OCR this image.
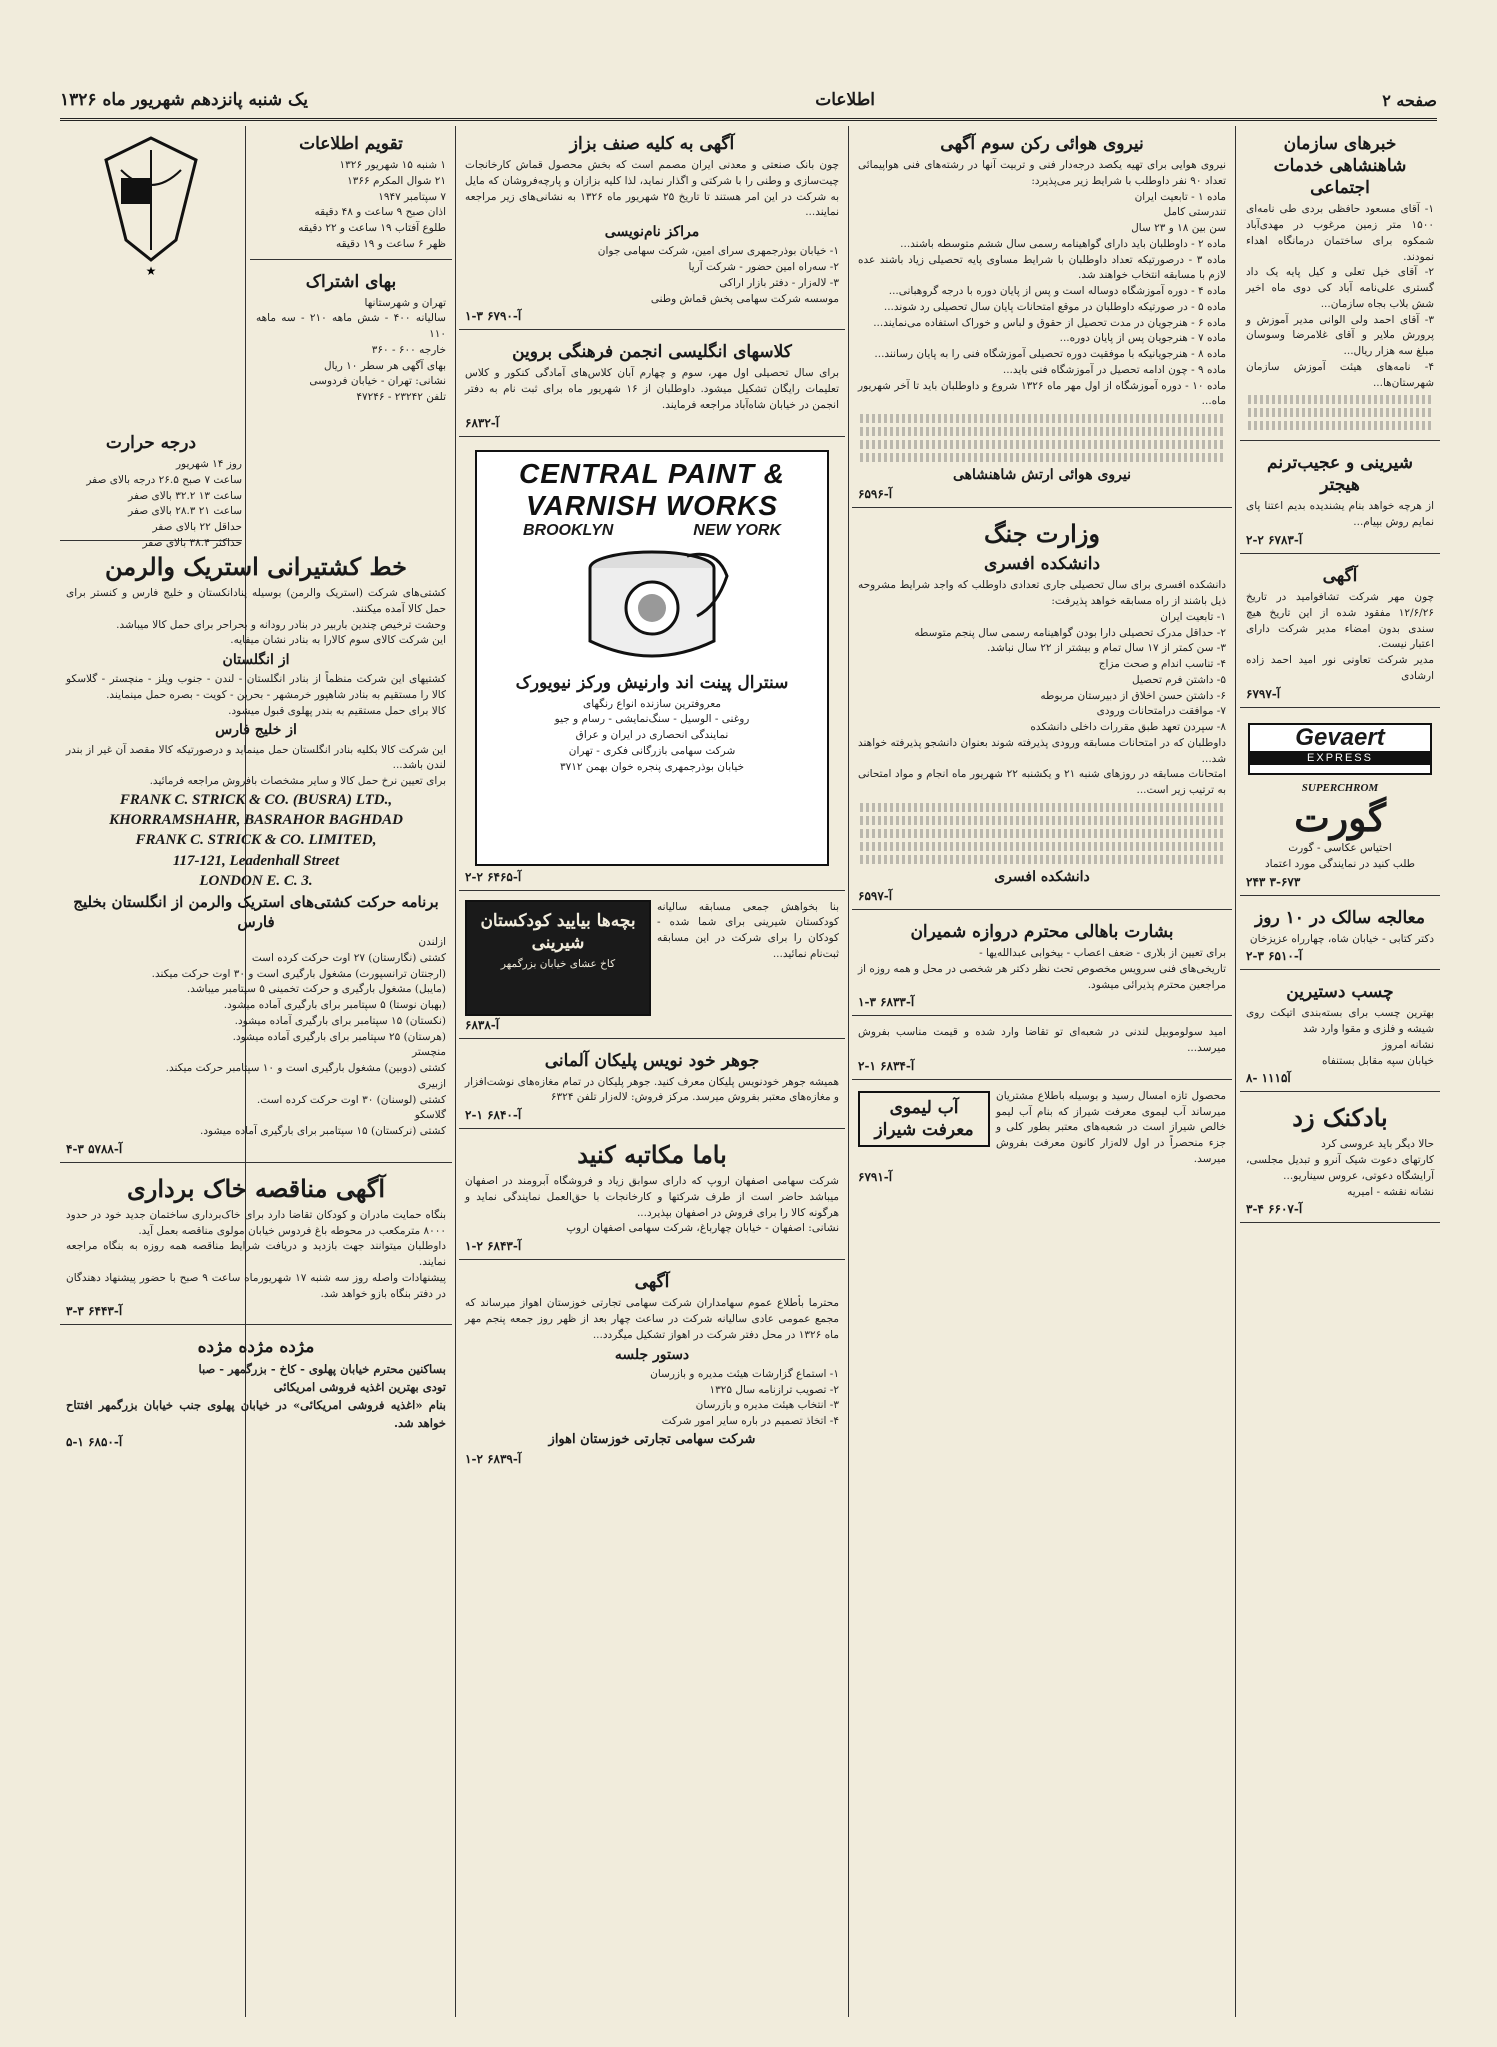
صفحه ۲
اطلاعات
یک شنبه پانزدهم شهریور ماه ۱۳۲۶
خبرهای سازمان شاهنشاهی خدمات اجتماعی
۱- آقای مسعود حافظی بردی طی نامه‌ای ۱۵۰۰ متر زمین مرغوب در مهدی‌آباد شمکوه برای ساختمان درمانگاه اهداء نمودند.
۲- آقای خیل تعلی و کیل پایه یک داد گستری علی‌نامه آباد کی دوی ماه اخیر شش بلاب بجاه سازمان...
۳- آقای احمد ولی الوانی مدیر آموزش و پرورش ملایر و آقای غلامرضا وسوسان مبلغ سه هزار ریال...
۴- نامه‌های هیئت آموزش سازمان شهرستان‌ها...
شیرینی و عجیب‌ترنم هیجتر
از هرچه خواهد بنام یشندیده بدیم اعتنا پای نمایم روش بپیام...
۲-۲ آ-۶۷۸۳
آگهی
چون مهر شرکت تشافوامید در تاریخ ۱۲/۶/۲۶ مفقود شده از این تاریخ هیچ سندی بدون امضاء مدیر شرکت دارای اعتبار نیست.
مدیر شرکت تعاونی نور امید احمد زاده ارشادی
آ-۶۷۹۷
Gevaert
EXPRESS
SUPERCHROM
گورت
احتیاس عکاسی - گورت
طلب کنید در نمایندگی مورد اعتماد
۲۴۳ ۳-۶۷۳
معالجه سالک در ۱۰ روز
دکتر کتابی - خیابان شاه، چهارراه عزیزخان
آ-۶۵۱۰ ۳-۲
چسب دستیرین
بهترین چسب برای بسته‌بندی اتیکت روی شیشه و فلزی و مقوا وارد شد
نشانه امروز
خیابان سپه مقابل بستنفاه
۸- ۱۱۱۵آ
بادکنک زد
حالا دیگر باید عروسی کرد
کارتهای دعوت شیک آنرو و تبدیل مجلسی، آرایشگاه دعوتی، عروس سیناریو...
نشانه نقشه - امیریه
۳-۴ آ-۶۶۰۷
نیروی هوائی رکن سوم آگهی
نیروی هوایی برای تهیه یکصد درجه‌دار فنی و تربیت آنها در رشته‌های فنی هواپیمائی تعداد ۹۰ نفر داوطلب با شرایط زیر می‌پذیرد:
ماده ۱ - تابعیت ایران
تندرستی کامل
سن بین ۱۸ و ۲۳ سال
ماده ۲ - داوطلبان باید دارای گواهینامه رسمی سال ششم متوسطه باشند...
ماده ۳ - درصورتیکه تعداد داوطلبان با شرایط مساوی پایه تحصیلی زیاد باشند عده لازم با مسابقه انتخاب خواهند شد.
ماده ۴ - دوره آموزشگاه دوساله است و پس از پایان دوره با درجه گروهبانی...
ماده ۵ - در صورتیکه داوطلبان در موقع امتحانات پایان سال تحصیلی رد شوند...
ماده ۶ - هنرجویان در مدت تحصیل از حقوق و لباس و خوراک استفاده می‌نمایند...
ماده ۷ - هنرجویان پس از پایان دوره...
ماده ۸ - هنرجویانیکه با موفقیت دوره تحصیلی آموزشگاه فنی را به پایان رسانند...
ماده ۹ - چون ادامه تحصیل در آموزشگاه فنی باید...
ماده ۱۰ - دوره آموزشگاه از اول مهر ماه ۱۳۲۶ شروع و داوطلبان باید تا آخر شهریور ماه...
نیروی هوائی ارتش شاهنشاهی
آ-۶۵۹۶
وزارت جنگ
دانشکده افسری
دانشکده افسری برای سال تحصیلی جاری تعدادی داوطلب که واجد شرایط مشروحه ذیل باشند از راه مسابقه خواهد پذیرفت:
۱- تابعیت ایران
۲- حداقل مدرک تحصیلی دارا بودن گواهینامه رسمی سال پنجم متوسطه
۳- سن کمتر از ۱۷ سال تمام و بیشتر از ۲۲ سال نباشد.
۴- تناسب اندام و صحت مزاج
۵- داشتن فرم تحصیل
۶- داشتن حسن اخلاق از دبیرستان مربوطه
۷- موافقت درامتحانات ورودی
۸- سپردن تعهد طبق مقررات داخلی دانشکده
داوطلبان که در امتحانات مسابقه ورودی پذیرفته شوند بعنوان دانشجو پذیرفته خواهند شد...
امتحانات مسابقه در روزهای شنبه ۲۱ و یکشنبه ۲۲ شهریور ماه انجام و مواد امتحانی به ترتیب زیر است...
دانشکده افسری
آ-۶۵۹۷
بشارت باهالی محترم دروازه شمیران
برای تعیین از بلاری - ضعف اعصاب - بیخوابی عبدالله‌یها -
تاریخی‌های فنی سرویس مخصوص تحت نظر دکتر هر شخصی در محل و همه روزه از مراجعین محترم پذیرائی میشود.
آ-۶۸۳۳ ۳-۱
امید سولوموبیل لندنی در شعبه‌ای تو تقاضا وارد شده و قیمت مناسب بفروش میرسد...
آ-۶۸۳۴ ۱-۲
محصول تازه امسال رسید و بوسیله باطلاع مشتریان میرساند آب لیموی معرفت شیراز که بنام آب لیمو خالص شیراز است در شعبه‌های معتبر بطور کلی و جزء منحصراً در اول لاله‌زار کانون معرفت بفروش میرسد.
آب لیموی معرفت شیراز
آ-۶۷۹۱
آگهی به کلیه صنف بزاز
چون بانک صنعتی و معدنی ایران مصمم است که بخش محصول قماش کارخانجات چیت‌سازی و وطنی را با شرکتی و اگذار نماید، لذا کلیه بزازان و پارچه‌فروشان که مایل به شرکت در این امر هستند تا تاریخ ۲۵ شهریور ماه ۱۳۲۶ به نشانی‌های زیر مراجعه نمایند...
مراکز نام‌نویسی
۱- خیابان بوذرجمهری سرای امین، شرکت سهامی جوان
۲- سه‌راه امین حضور - شرکت آریا
۳- لاله‌زار - دفتر بازار اراکی
موسسه شرکت سهامی پخش قماش وطنی
آ-۶۷۹۰ ۳-۱
کلاسهای انگلیسی انجمن فرهنگی بروین
برای سال تحصیلی اول مهر، سوم و چهارم آبان کلاس‌های آمادگی کنکور و کلاس تعلیمات رایگان تشکیل میشود. داوطلبان از ۱۶ شهریور ماه برای ثبت نام به دفتر انجمن در خیابان شاه‌آباد مراجعه فرمایند.
آ-۶۸۳۲
CENTRAL PAINT & VARNISH WORKS
BROOKLYN	NEW YORK
سنترال پینت اند وارنیش ورکز نیویورک
معروفترین سازنده انواع رنگهای
روغنی - الوسیل - سنگ‌نمایشی - رسام و جیو
نمایندگی انحصاری در ایران و عراق
شرکت سهامی بازرگانی فکری - تهران
خیابان بوذرجمهری پنجره خوان بهمن ۳۷۱۲
آ-۶۴۶۵ ۲-۲
بنا بخواهش جمعی مسابقه سالیانه کودکستان شیرینی برای شما شده - کودکان را برای شرکت در این مسابقه ثبت‌نام نمائید...
بچه‌ها بیایید کودکستان شیرینی
کاخ عشای خیابان بزرگمهر
آ-۶۸۳۸
جوهر خود نویس پلیکان آلمانی
همیشه جوهر خودنویس پلیکان معرف کنید. جوهر پلیکان در تمام مغازه‌های نوشت‌افزار و مغازه‌های معتبر بفروش میرسد. مرکز فروش: لاله‌زار تلفن ۶۳۲۴
آ-۶۸۴۰ ۱-۲
باما مکاتبه کنید
شرکت سهامی اصفهان اروپ که دارای سوابق زیاد و فروشگاه آبرومند در اصفهان میباشد حاضر است از طرف شرکتها و کارخانجات با حق‌العمل نمایندگی نماید و هرگونه کالا را برای فروش در اصفهان بپذیرد...
نشانی: اصفهان - خیابان چهارباغ، شرکت سهامی اصفهان اروپ
آ-۶۸۴۳ ۲-۱
آگهی
محترما بأطلاع عموم سهامداران شرکت سهامی تجارتی خوزستان اهواز میرساند که مجمع عمومی عادی سالیانه شرکت در ساعت چهار بعد از ظهر روز جمعه پنجم مهر ماه ۱۳۲۶ در محل دفتر شرکت در اهواز تشکیل میگردد...
دستور جلسه
۱- استماع گزارشات هیئت مدیره و بازرسان
۲- تصویب ترازنامه سال ۱۳۲۵
۳- انتخاب هیئت مدیره و بازرسان
۴- اتخاذ تصمیم در باره سایر امور شرکت
شرکت سهامی تجارتی خوزستان اهواز
آ-۶۸۳۹ ۲-۱
★
درجه حرارت
روز ۱۴ شهریور
ساعت ۷ صبح ۲۶.۵ درجه بالای صفر
ساعت ۱۳ ۳۲.۲ بالای صفر
ساعت ۲۱ ۲۸.۳ بالای صفر
حداقل ۲۲ بالای صفر
حداکثر ۳۸.۴ بالای صفر
تقویم اطلاعات
۱ شنبه ۱۵ شهریور ۱۳۲۶
۲۱ شوال المکرم ۱۳۶۶
۷ سپتامبر ۱۹۴۷
اذان صبح ۹ ساعت و ۴۸ دقیقه
طلوع آفتاب ۱۹ ساعت و ۲۲ دقیقه
ظهر ۶ ساعت و ۱۹ دقیقه
بهای اشتراک
تهران و شهرستانها
ساليانه ۴۰۰ - شش ماهه ۲۱۰ - سه ماهه ۱۱۰
خارجه ۶۰۰ - ۳۶۰
بهای آگهی هر سطر ۱۰ ریال
نشانی: تهران - خیابان فردوسی
تلفن ۲۳۲۴۲ - ۴۷۲۴۶
خط کشتیرانی استریک والرمن
کشتی‌های شرکت (استریک والرمن) بوسیله پنادانکستان و خلیج فارس و کنستر برای حمل کالا آمده میکنند.
وحشت ترخیص چندین باربیر در بنادر رودانه و بحراحر برای حمل کالا میباشد.
این شرکت کالای سوم کالارا به بنادر نشان میفایه.
از انگلستان
کشتیهای این شرکت منظماً از بنادر انگلستان - لندن - جنوب ویلز - منچستر - گلاسکو کالا را مستقیم به بنادر شاهپور خرمشهر - بحرین - کویت - بصره حمل مینمایند.
کالا برای حمل مستقیم به بندر پهلوی قبول میشود.
از خلیج فارس
این شرکت کالا بکلیه بنادر انگلستان حمل مینماید و درصورتیکه کالا مقصد آن غیر از بندر لندن باشد...
برای تعیین نرخ حمل کالا و سایر مشخصات بافروش مراجعه فرمائید.
FRANK C. STRICK & CO. (BUSRA) LTD.,
KHORRAMSHAHR, BASRAHOR BAGHDAD
FRANK C. STRICK & CO. LIMITED,
117-121, Leadenhall Street
LONDON E. C. 3.
برنامه حرکت کشتی‌های استریک والرمن از انگلستان بخلیج فارس
ازلندن
کشتی (نگارستان) ۲۷ اوت حرکت کرده است
(ارجنتان ترانسپورت) مشغول بارگیری است و ۳۰ اوت حرکت میکند.
(مایبل) مشغول بارگیری و حرکت تخمینی ۵ سپتامبر میباشد.
(بهبان نوستا) ۵ سپتامبر برای بارگیری آماده میشود.
(نکستان) ۱۵ سپتامبر برای بارگیری آماده میشود.
(هرستان) ۲۵ سپتامبر برای بارگیری آماده میشود.
منچستر
کشتی (دوبین) مشغول بارگیری است و ۱۰ سپتامبر حرکت میکند.
ازبیری
کشتی (لوسنان) ۳۰ اوت حرکت کرده است.
گلاسکو
کشتی (نرکستان) ۱۵ سپتامبر برای بارگیری آماده میشود.
۴-۳ آ-۵۷۸۸
آگهی مناقصه خاک برداری
بنگاه حمایت مادران و کودکان تقاضا دارد برای خاک‌برداری ساختمان جدید خود در حدود ۸۰۰۰ مترمکعب در محوطه باغ فردوس خیابان مولوی مناقصه بعمل آید.
داوطلبان میتوانند جهت بازدید و دریافت شرایط مناقصه همه روزه به بنگاه مراجعه نمایند.
پیشنهادات واصله روز سه شنبه ۱۷ شهریورماه ساعت ۹ صبح با حضور پیشنهاد دهندگان در دفتر بنگاه بازو خواهد شد.
۳-۳ آ-۶۴۴۳
مژده مژده مژده
بساکنین محترم خیابان پهلوی - کاخ - بزرگمهر - صبا
تودی بهترین اغذیه فروشی امریکائی
بنام «اغذیه فروشی امریکائی» در خیابان پهلوی جنب خیابان بزرگمهر افتتاح خواهد شد.
۵-۱ آ-۶۸۵۰
